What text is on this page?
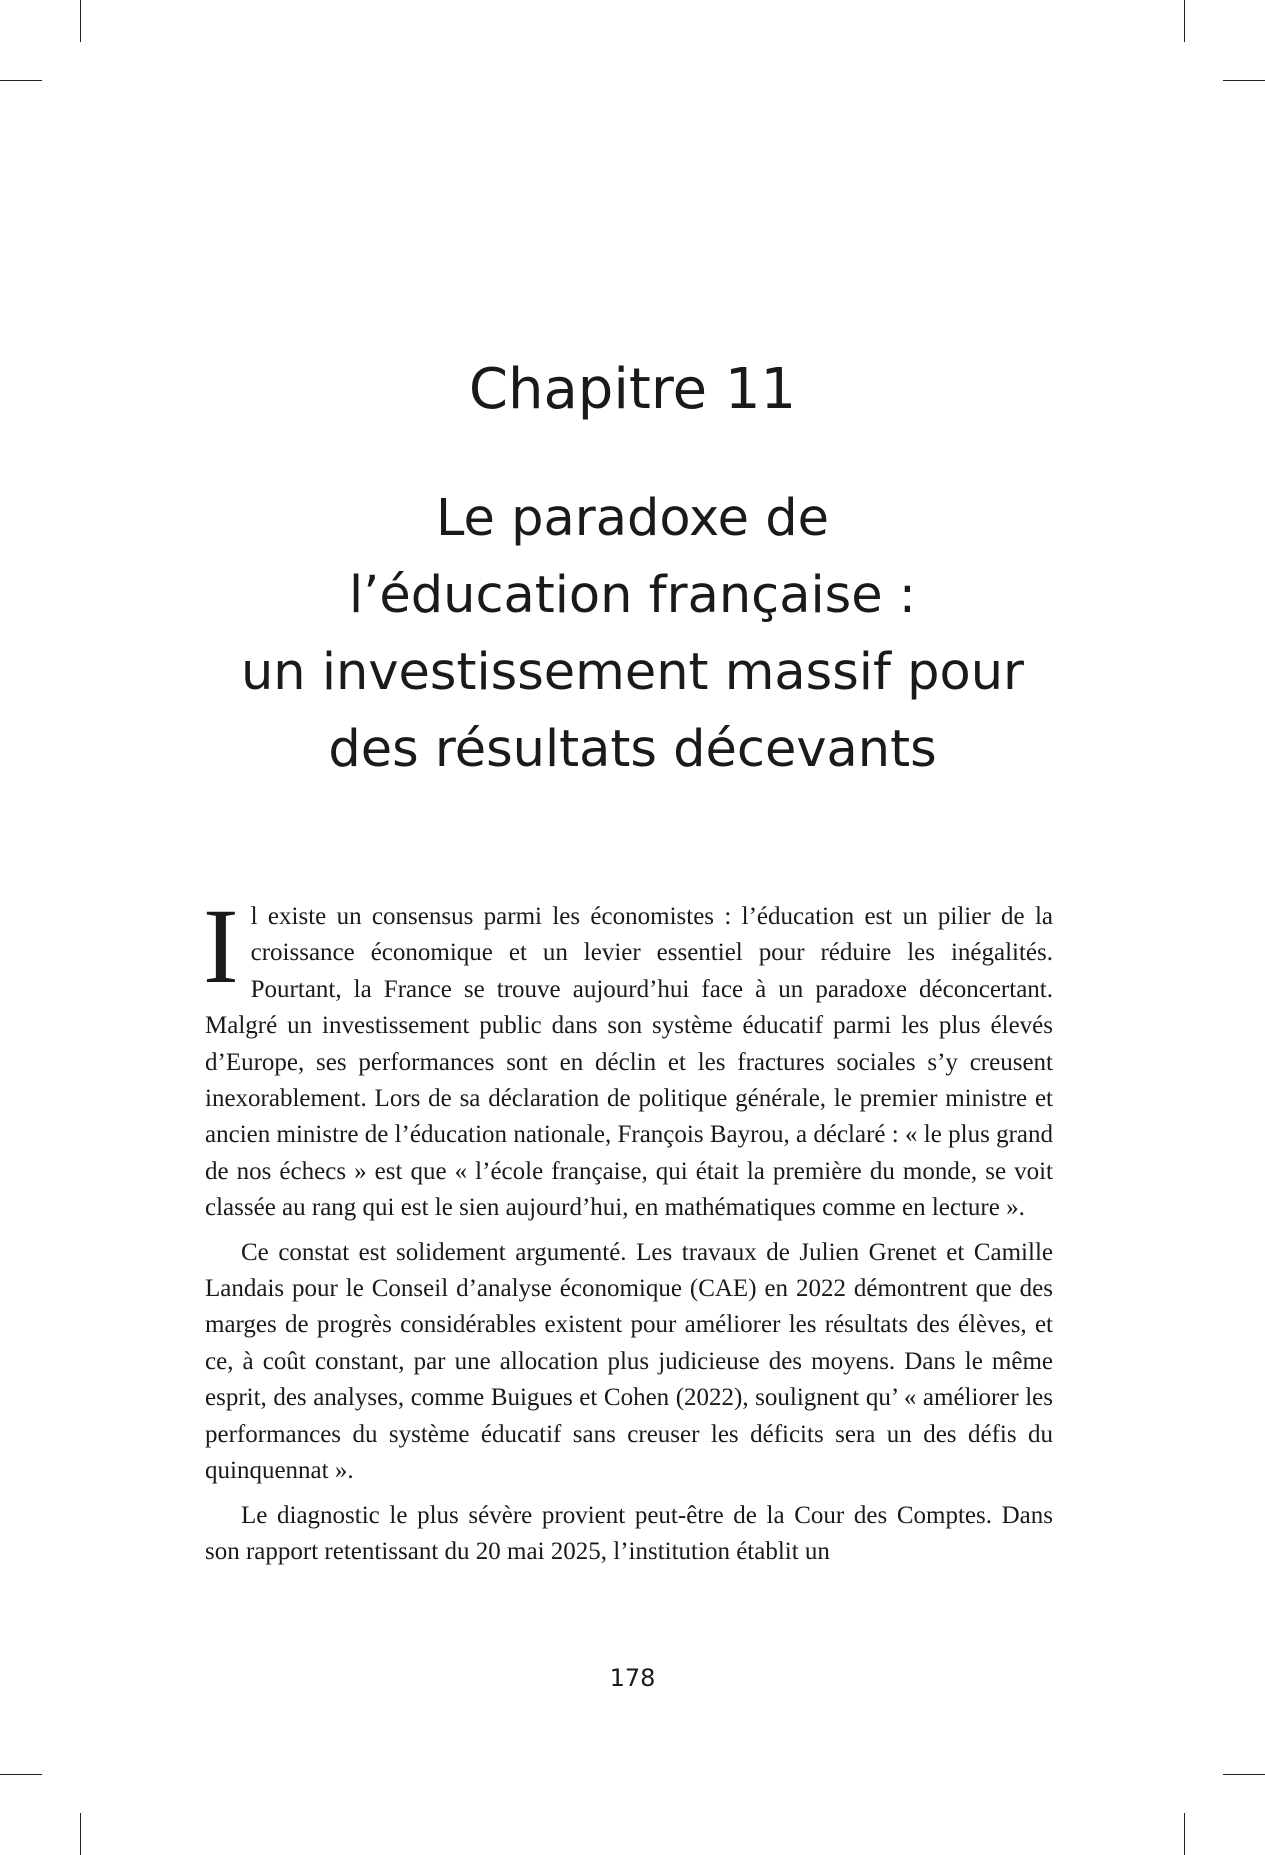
Chapitre 11
Le paradoxe de
l’éducation française :
un investissement massif pour
des résultats décevants

Il existe un consensus parmi les économistes : l’éducation est un pilier de la croissance économique et un levier essentiel pour réduire les inégalités. Pourtant, la France se trouve aujourd’hui face à un paradoxe déconcertant. Malgré un investissement public dans son système éducatif parmi les plus élevés d’Europe, ses performances sont en déclin et les fractures sociales s’y creusent inexorablement. Lors de sa déclaration de politique générale, le premier ministre et ancien ministre de l’éducation nationale, François Bayrou, a déclaré : « le plus grand de nos échecs » est que « l’école française, qui était la première du monde, se voit classée au rang qui est le sien aujourd’hui, en mathématiques comme en lecture ».

Ce constat est solidement argumenté. Les travaux de Julien Grenet et Camille Landais pour le Conseil d’analyse économique (CAE) en 2022 démontrent que des marges de progrès considérables existent pour améliorer les résultats des élèves, et ce, à coût constant, par une allocation plus judicieuse des moyens. Dans le même esprit, des analyses, comme Buigues et Cohen (2022), soulignent qu’ « améliorer les performances du système éducatif sans creuser les déficits sera un des défis du quinquennat ».

Le diagnostic le plus sévère provient peut-être de la Cour des Comptes. Dans son rapport retentissant du 20 mai 2025, l’institution établit un

178
